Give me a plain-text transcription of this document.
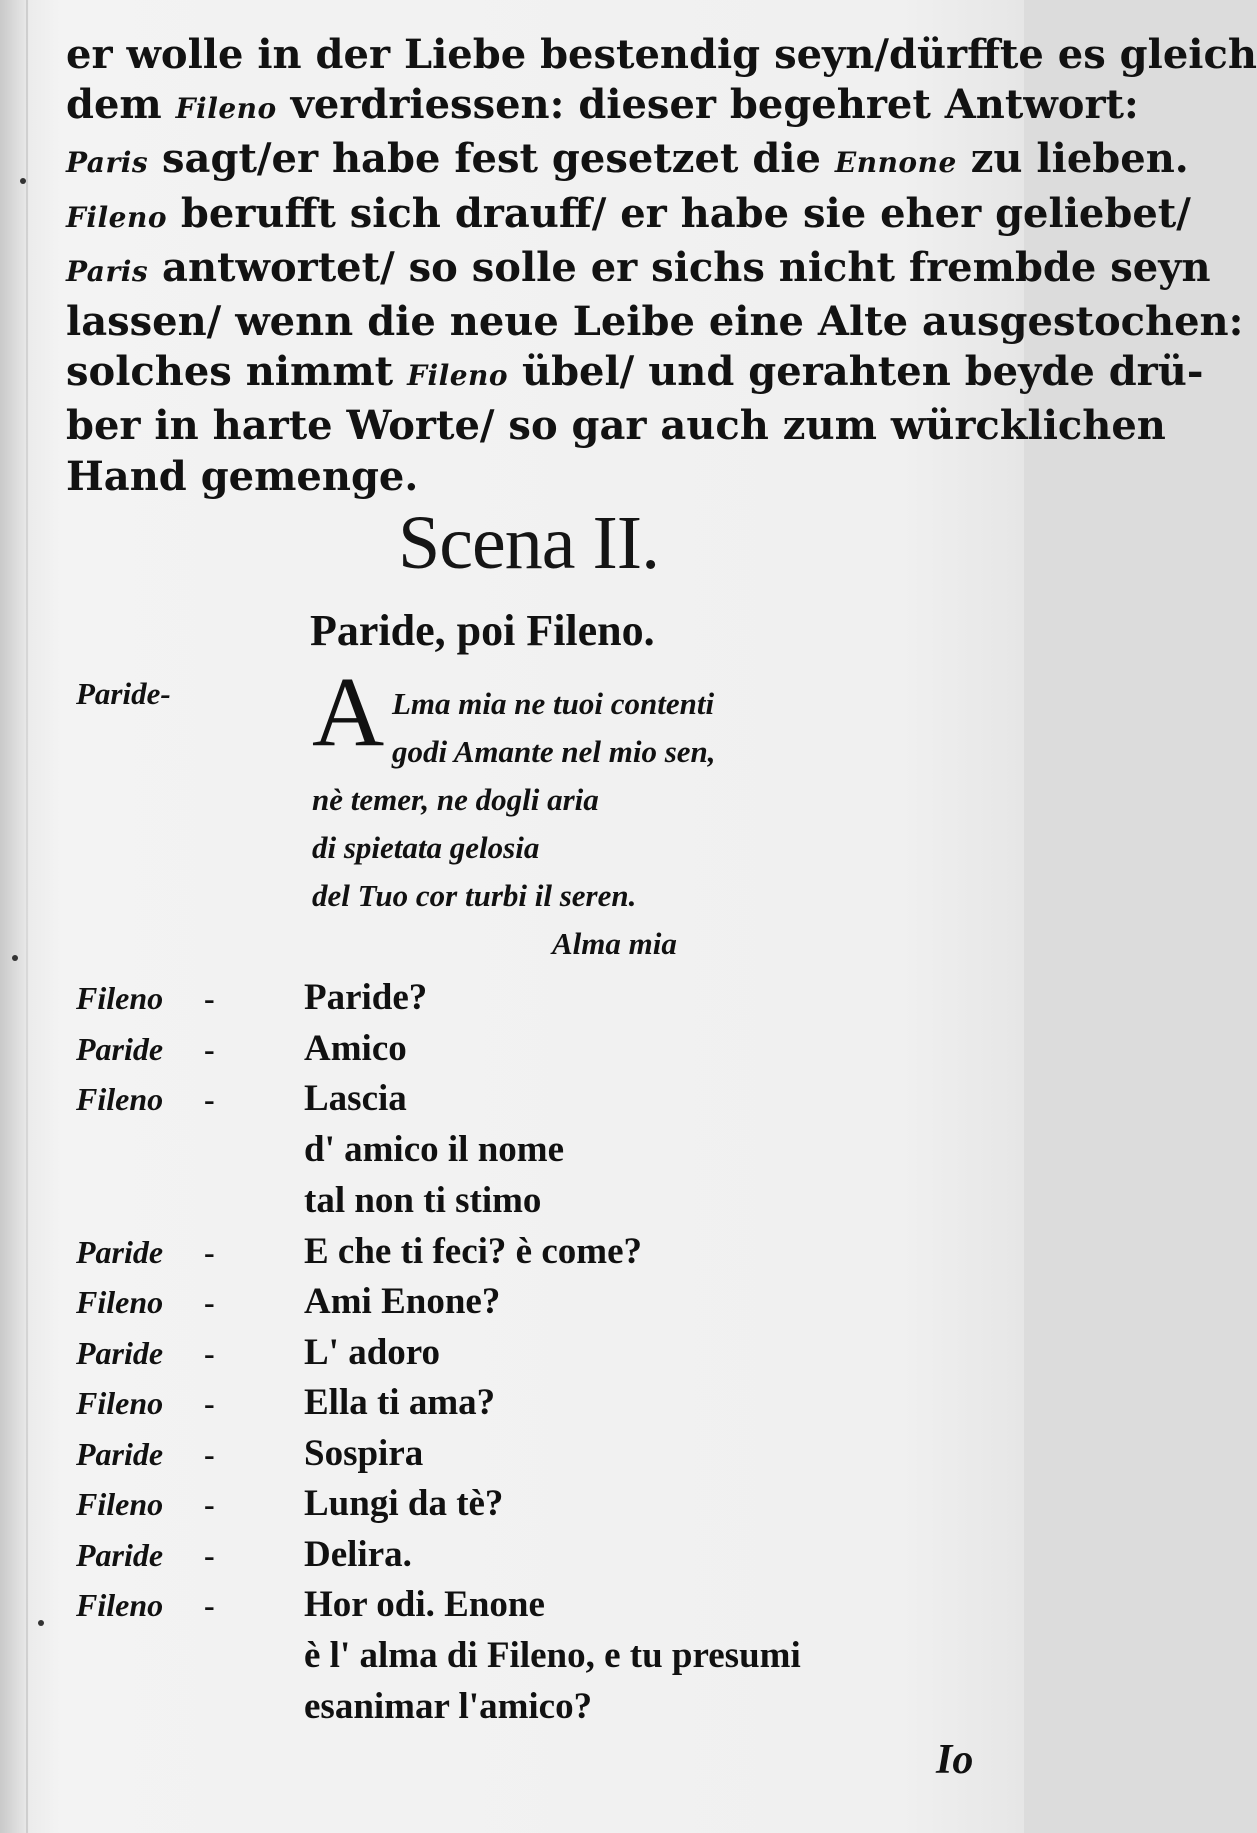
er wolle in der Liebe bestendig seyn/dürffte es gleich
dem Fileno verdriessen: dieser begehret Antwort:
Paris sagt/er habe fest gesetzet die Ennone zu lieben.
Fileno berufft sich drauff/ er habe sie eher geliebet/
Paris antwortet/ so solle er sichs nicht frembde seyn
lassen/ wenn die neue Leibe eine Alte ausgestochen:
solches nimmt Fileno übel/ und gerahten beyde drü-
ber in harte Worte/ so gar auch zum würcklichen
Hand gemenge.
Scena II.
Paride, poi Fileno.
Paride- A Lma mia ne tuoi contenti
godi Amante nel mio sen,
nè temer, ne dogli aria
di spietata gelosia
del Tuo cor turbi il seren.
Alma mia
Fileno	-	Paride?
Paride	-	Amico
Fileno	-	Lascia
d' amico il nome
tal non ti stimo
Paride	-	E che ti feci? è come?
Fileno	-	Ami Enone?
Paride	-	L' adoro
Fileno	-	Ella ti ama?
Paride	-	Sospira
Fileno	-	Lungi da tè?
Paride	-	Delira.
Fileno	-	Hor odi. Enone
è l' alma di Fileno, e tu presumi
esanimar l'amico?
Io
